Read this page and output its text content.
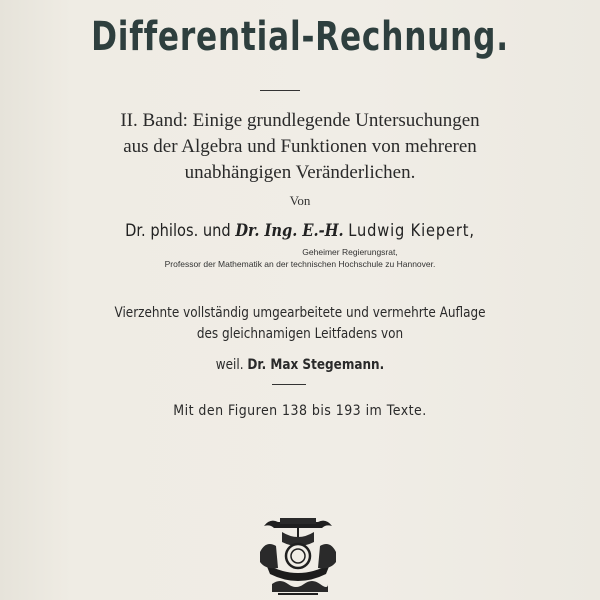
Differential-Rechnung.
II. Band: Einige grundlegende Untersuchungen
aus der Algebra und Funktionen von mehreren
unabhängigen Veränderlichen.
Von
Dr. philos. und Dr. Ing. E.-H. Ludwig Kiepert,
Geheimer Regierungsrat,
Professor der Mathematik an der technischen Hochschule zu Hannover.
Vierzehnte vollständig umgearbeitete und vermehrte Auflage
des gleichnamigen Leitfadens von
weil. Dr. Max Stegemann.
Mit den Figuren 138 bis 193 im Texte.
